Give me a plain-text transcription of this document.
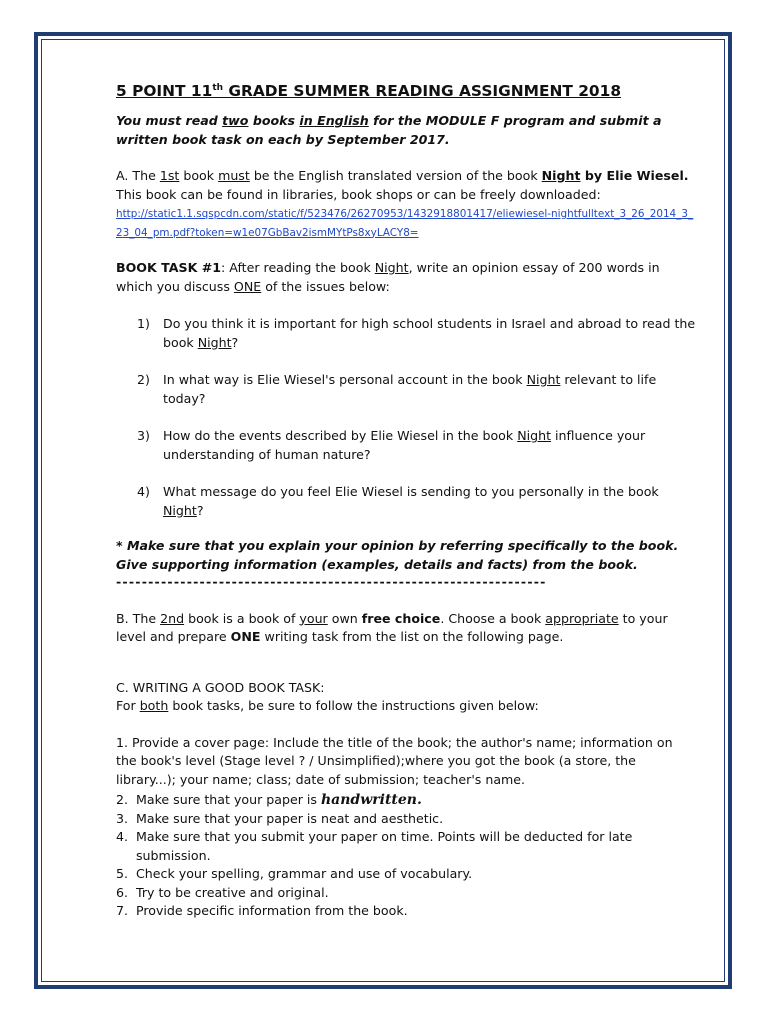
5 POINT 11th GRADE SUMMER READING ASSIGNMENT 2018

You must read two books in English for the MODULE F program and submit a written book task on each by September 2017.

A. The 1st book must be the English translated version of the book Night by Elie Wiesel. This book can be found in libraries, book shops or can be freely downloaded:

http://static1.1.sqspcdn.com/static/f/523476/26270953/1432918801417/eliewiesel-nightfulltext_3_26_2014_3_23_04_pm.pdf?token=w1e07GbBav2ismMYtPs8xyLACY8=

BOOK TASK #1: After reading the book Night, write an opinion essay of 200 words in which you discuss ONE of the issues below:

1) Do you think it is important for high school students in Israel and abroad to read the book Night?
2) In what way is Elie Wiesel's personal account in the book Night relevant to life today?
3) How do the events described by Elie Wiesel in the book Night influence your understanding of human nature?
4) What message do you feel Elie Wiesel is sending to you personally in the book Night?

* Make sure that you explain your opinion by referring specifically to the book. Give supporting information (examples, details and facts) from the book.

-------------------------------------------------------------------

B. The 2nd book is a book of your own free choice. Choose a book appropriate to your level and prepare ONE writing task from the list on the following page.

C. WRITING A GOOD BOOK TASK:

For both book tasks, be sure to follow the instructions given below:

1. Provide a cover page: Include the title of the book; the author's name; information on the book's level (Stage level ? / Unsimplified);where you got the book (a store, the library...); your name; class; date of submission; teacher's name.

2. Make sure that your paper is handwritten.
3. Make sure that your paper is neat and aesthetic.
4. Make sure that you submit your paper on time. Points will be deducted for late submission.
5. Check your spelling, grammar and use of vocabulary.
6. Try to be creative and original.
7. Provide specific information from the book.
